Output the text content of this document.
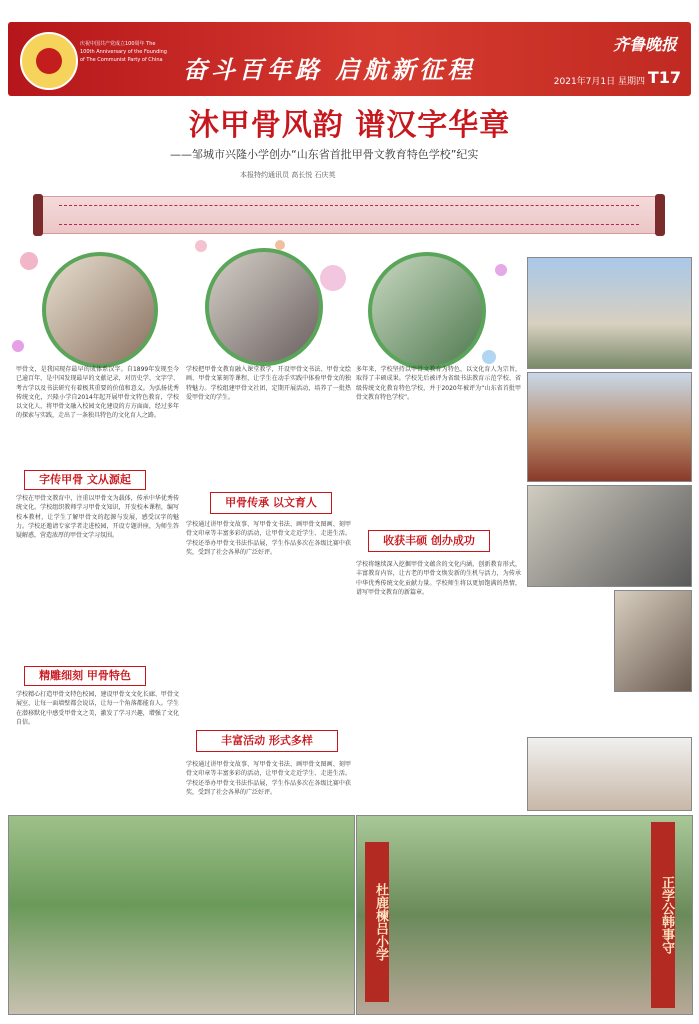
庆祝中国共产党成立100周年 The 100th Anniversary of the Founding of The Communist Party of China 奋斗百年路 启航新征程
齐鲁晚报
2021年7月1日 星期四 T17
沐甲骨风韵 谱汉字华章
——邹城市兴隆小学创办“山东省首批甲骨文教育特色学校”纪实
本报特约通讯员 高长悦 石庆英
甲骨文，是我国现存最早的成体系汉字。自1899年发现至今已逾百年，是中国发现最早的文献记录，对历史学、文字学、考古学以及书法研究有着极其重要的价值和意义。为弘扬优秀传统文化，兴隆小学自2014年起开展甲骨文特色教育，学校以文化人，将甲骨文融入校园文化建设的方方面面，经过多年的探索与实践，走出了一条独具特色的文化育人之路。
字传甲骨 文从源起
学校在甲骨文教育中，注重以甲骨文为载体，传承中华优秀传统文化。学校组织教师学习甲骨文知识，开发校本课程，编写校本教材，让学生了解甲骨文的起源与发展，感受汉字的魅力。学校还邀请专家学者走进校园，开设专题讲座，为师生答疑解惑，营造浓厚的甲骨文学习氛围。
精雕细刻 甲骨特色
学校精心打造甲骨文特色校园，建设甲骨文文化长廊、甲骨文展室，让每一面墙壁都会说话，让每一个角落都能育人。学生在潜移默化中感受甲骨文之美，激发了学习兴趣，增强了文化自信。
学校把甲骨文教育融入课堂教学，开设甲骨文书法、甲骨文绘画、甲骨文篆刻等课程，让学生在动手实践中体验甲骨文的独特魅力。学校组建甲骨文社团，定期开展活动，培养了一批热爱甲骨文的学生。
甲骨传承 以文育人
学校通过讲甲骨文故事、写甲骨文书法、画甲骨文图画、刻甲骨文印章等丰富多彩的活动，让甲骨文走近学生、走进生活。学校还举办甲骨文书法作品展，学生作品多次在各级比赛中获奖，受到了社会各界的广泛好评。
丰富活动 形式多样
学校通过讲甲骨文故事、写甲骨文书法、画甲骨文图画、刻甲骨文印章等丰富多彩的活动，让甲骨文走近学生、走进生活。学校还举办甲骨文书法作品展，学生作品多次在各级比赛中获奖，受到了社会各界的广泛好评。
多年来，学校坚持以甲骨文教育为特色，以文化育人为宗旨，取得了丰硕成果。学校先后被评为省级书法教育示范学校、省级传统文化教育特色学校，并于2020年被评为“山东省首批甲骨文教育特色学校”。
收获丰硕 创办成功
学校将继续深入挖掘甲骨文蕴含的文化内涵，创新教育形式，丰富教育内容，让古老的甲骨文焕发新的生机与活力，为传承中华优秀传统文化贡献力量。学校师生将以更加饱满的热情，谱写甲骨文教育的新篇章。
杜鹿楝吕小学	正学公韩事守
